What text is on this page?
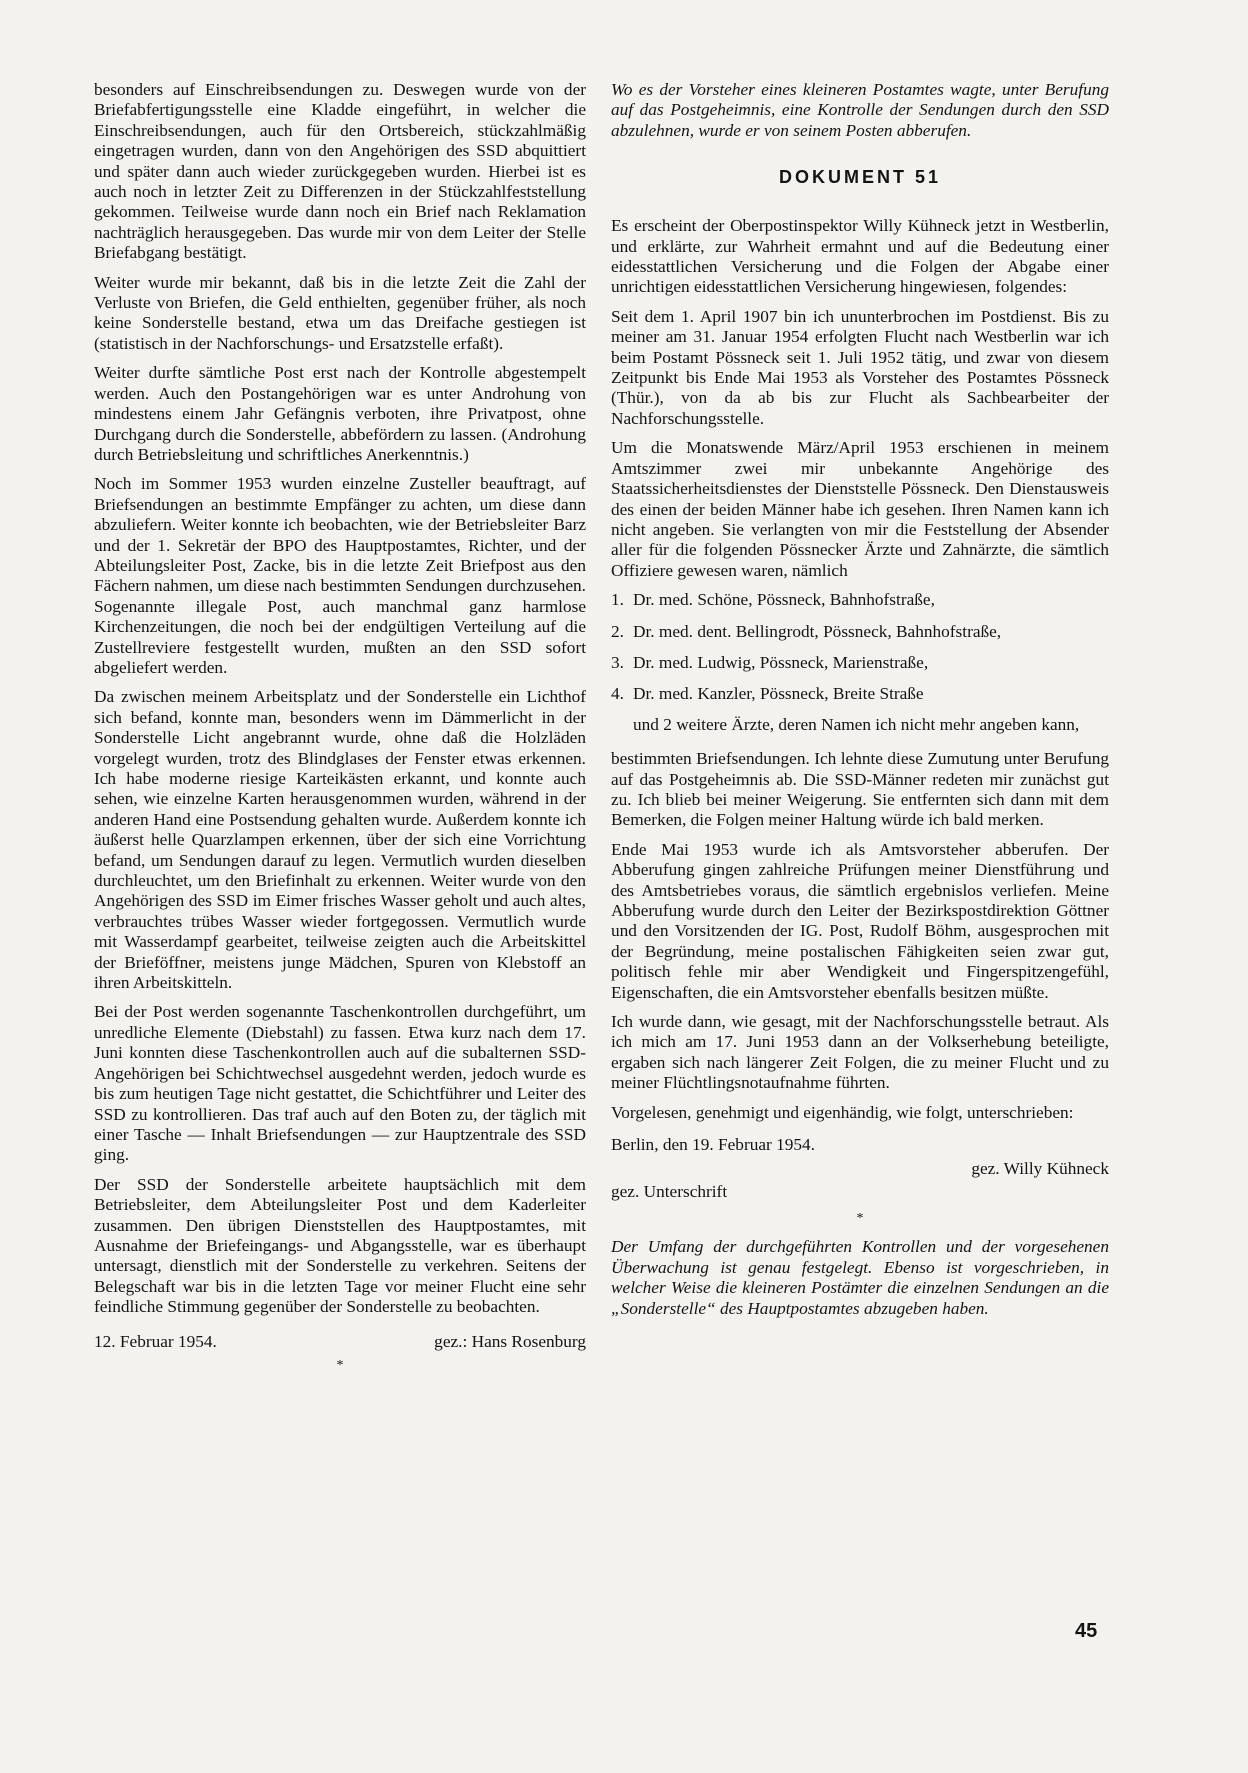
besonders auf Einschreibsendungen zu. Deswegen wurde von der Briefabfertigungsstelle eine Kladde eingeführt, in welcher die Einschreibsendungen, auch für den Ortsbereich, stückzahlmäßig eingetragen wurden, dann von den Angehörigen des SSD abquittiert und später dann auch wieder zurückgegeben wurden. Hierbei ist es auch noch in letzter Zeit zu Differenzen in der Stückzahlfeststellung gekommen. Teilweise wurde dann noch ein Brief nach Reklamation nachträglich herausgegeben. Das wurde mir von dem Leiter der Stelle Briefabgang bestätigt.

Weiter wurde mir bekannt, daß bis in die letzte Zeit die Zahl der Verluste von Briefen, die Geld enthielten, gegenüber früher, als noch keine Sonderstelle bestand, etwa um das Dreifache gestiegen ist (statistisch in der Nachforschungs- und Ersatzstelle erfaßt).

Weiter durfte sämtliche Post erst nach der Kontrolle abgestempelt werden. Auch den Postangehörigen war es unter Androhung von mindestens einem Jahr Gefängnis verboten, ihre Privatpost, ohne Durchgang durch die Sonderstelle, abbefördern zu lassen. (Androhung durch Betriebsleitung und schriftliches Anerkenntnis.)

Noch im Sommer 1953 wurden einzelne Zusteller beauftragt, auf Briefsendungen an bestimmte Empfänger zu achten, um diese dann abzuliefern. Weiter konnte ich beobachten, wie der Betriebsleiter Barz und der 1. Sekretär der BPO des Hauptpostamtes, Richter, und der Abteilungsleiter Post, Zacke, bis in die letzte Zeit Briefpost aus den Fächern nahmen, um diese nach bestimmten Sendungen durchzusehen. Sogenannte illegale Post, auch manchmal ganz harmlose Kirchenzeitungen, die noch bei der endgültigen Verteilung auf die Zustellreviere festgestellt wurden, mußten an den SSD sofort abgeliefert werden.

Da zwischen meinem Arbeitsplatz und der Sonderstelle ein Lichthof sich befand, konnte man, besonders wenn im Dämmerlicht in der Sonderstelle Licht angebrannt wurde, ohne daß die Holzläden vorgelegt wurden, trotz des Blindglases der Fenster etwas erkennen. Ich habe moderne riesige Karteikästen erkannt, und konnte auch sehen, wie einzelne Karten herausgenommen wurden, während in der anderen Hand eine Postsendung gehalten wurde. Außerdem konnte ich äußerst helle Quarzlampen erkennen, über der sich eine Vorrichtung befand, um Sendungen darauf zu legen. Vermutlich wurden dieselben durchleuchtet, um den Briefinhalt zu erkennen. Weiter wurde von den Angehörigen des SSD im Eimer frisches Wasser geholt und auch altes, verbrauchtes trübes Wasser wieder fortgegossen. Vermutlich wurde mit Wasserdampf gearbeitet, teilweise zeigten auch die Arbeitskittel der Brieföffner, meistens junge Mädchen, Spuren von Klebstoff an ihren Arbeitskitteln.

Bei der Post werden sogenannte Taschenkontrollen durchgeführt, um unredliche Elemente (Diebstahl) zu fassen. Etwa kurz nach dem 17. Juni konnten diese Taschenkontrollen auch auf die subalternen SSD-Angehörigen bei Schichtwechsel ausgedehnt werden, jedoch wurde es bis zum heutigen Tage nicht gestattet, die Schichtführer und Leiter des SSD zu kontrollieren. Das traf auch auf den Boten zu, der täglich mit einer Tasche — Inhalt Briefsendungen — zur Hauptzentrale des SSD ging.

Der SSD der Sonderstelle arbeitete hauptsächlich mit dem Betriebsleiter, dem Abteilungsleiter Post und dem Kaderleiter zusammen. Den übrigen Dienststellen des Hauptpostamtes, mit Ausnahme der Briefeingangs- und Abgangsstelle, war es überhaupt untersagt, dienstlich mit der Sonderstelle zu verkehren. Seitens der Belegschaft war bis in die letzten Tage vor meiner Flucht eine sehr feindliche Stimmung gegenüber der Sonderstelle zu beobachten.

12. Februar 1954.	gez.: Hans Rosenburg
*

Wo es der Vorsteher eines kleineren Postamtes wagte, unter Berufung auf das Postgeheimnis, eine Kontrolle der Sendungen durch den SSD abzulehnen, wurde er von seinem Posten abberufen.

DOKUMENT 51

Es erscheint der Oberpostinspektor Willy Kühneck jetzt in Westberlin, und erklärte, zur Wahrheit ermahnt und auf die Bedeutung einer eidesstattlichen Versicherung und die Folgen der Abgabe einer unrichtigen eidesstattlichen Versicherung hingewiesen, folgendes:

Seit dem 1. April 1907 bin ich ununterbrochen im Postdienst. Bis zu meiner am 31. Januar 1954 erfolgten Flucht nach Westberlin war ich beim Postamt Pössneck seit 1. Juli 1952 tätig, und zwar von diesem Zeitpunkt bis Ende Mai 1953 als Vorsteher des Postamtes Pössneck (Thür.), von da ab bis zur Flucht als Sachbearbeiter der Nachforschungsstelle.

Um die Monatswende März/April 1953 erschienen in meinem Amtszimmer zwei mir unbekannte Angehörige des Staatssicherheitsdienstes der Dienststelle Pössneck. Den Dienstausweis des einen der beiden Männer habe ich gesehen. Ihren Namen kann ich nicht angeben. Sie verlangten von mir die Feststellung der Absender aller für die folgenden Pössnecker Ärzte und Zahnärzte, die sämtlich Offiziere gewesen waren, nämlich

1. Dr. med. Schöne, Pössneck, Bahnhofstraße,
2. Dr. med. dent. Bellingrodt, Pössneck, Bahnhofstraße,
3. Dr. med. Ludwig, Pössneck, Marienstraße,
4. Dr. med. Kanzler, Pössneck, Breite Straße

und 2 weitere Ärzte, deren Namen ich nicht mehr angeben kann,

bestimmten Briefsendungen. Ich lehnte diese Zumutung unter Berufung auf das Postgeheimnis ab. Die SSD-Männer redeten mir zunächst gut zu. Ich blieb bei meiner Weigerung. Sie entfernten sich dann mit dem Bemerken, die Folgen meiner Haltung würde ich bald merken.

Ende Mai 1953 wurde ich als Amtsvorsteher abberufen. Der Abberufung gingen zahlreiche Prüfungen meiner Dienstführung und des Amtsbetriebes voraus, die sämtlich ergebnislos verliefen. Meine Abberufung wurde durch den Leiter der Bezirkspostdirektion Göttner und den Vorsitzenden der IG. Post, Rudolf Böhm, ausgesprochen mit der Begründung, meine postalischen Fähigkeiten seien zwar gut, politisch fehle mir aber Wendigkeit und Fingerspitzengefühl, Eigenschaften, die ein Amtsvorsteher ebenfalls besitzen müßte.

Ich wurde dann, wie gesagt, mit der Nachforschungsstelle betraut. Als ich mich am 17. Juni 1953 dann an der Volkserhebung beteiligte, ergaben sich nach längerer Zeit Folgen, die zu meiner Flucht und zu meiner Flüchtlingsnotaufnahme führten.

Vorgelesen, genehmigt und eigenhändig, wie folgt, unterschrieben:

Berlin, den 19. Februar 1954.

gez. Willy Kühneck

gez. Unterschrift

*

Der Umfang der durchgeführten Kontrollen und der vorgesehenen Überwachung ist genau festgelegt. Ebenso ist vorgeschrieben, in welcher Weise die kleineren Postämter die einzelnen Sendungen an die „Sonderstelle“ des Hauptpostamtes abzugeben haben.

45
